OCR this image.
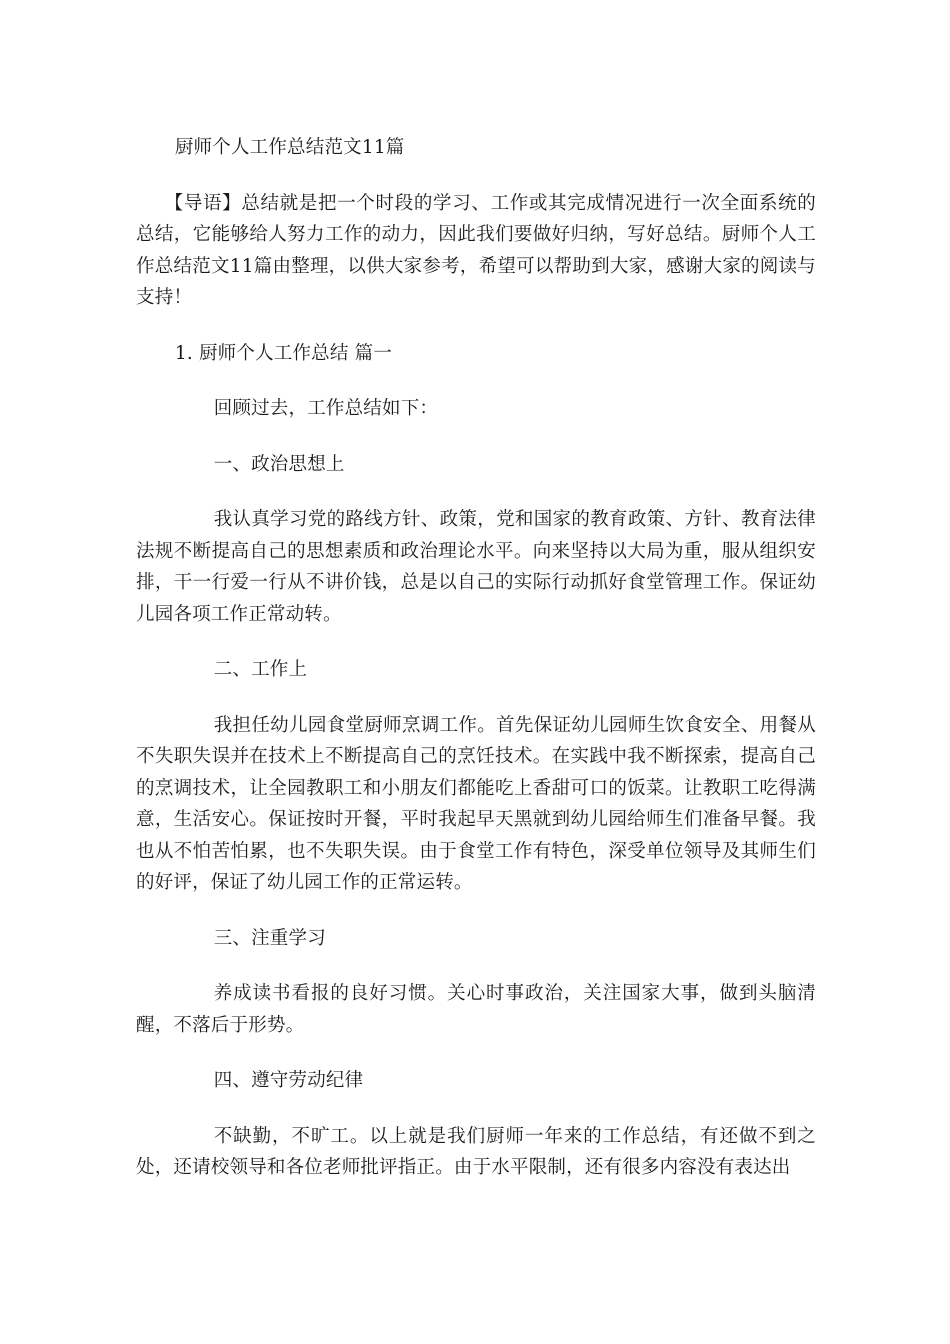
厨师个人工作总结范文11篇

【导语】总结就是把一个时段的学习、工作或其完成情况进行一次全面系统的总结，它能够给人努力工作的动力，因此我们要做好归纳，写好总结。厨师个人工作总结范文11篇由整理，以供大家参考，希望可以帮助到大家，感谢大家的阅读与支持！

1. 厨师个人工作总结 篇一

回顾过去，工作总结如下：

一、政治思想上

我认真学习党的路线方针、政策，党和国家的教育政策、方针、教育法律法规不断提高自己的思想素质和政治理论水平。向来坚持以大局为重，服从组织安排，干一行爱一行从不讲价钱，总是以自己的实际行动抓好食堂管理工作。保证幼儿园各项工作正常动转。

二、工作上

我担任幼儿园食堂厨师烹调工作。首先保证幼儿园师生饮食安全、用餐从不失职失误并在技术上不断提高自己的烹饪技术。在实践中我不断探索，提高自己的烹调技术，让全园教职工和小朋友们都能吃上香甜可口的饭菜。让教职工吃得满意，生活安心。保证按时开餐，平时我起早天黑就到幼儿园给师生们准备早餐。我也从不怕苦怕累，也不失职失误。由于食堂工作有特色，深受单位领导及其师生们的好评，保证了幼儿园工作的正常运转。

三、注重学习

养成读书看报的良好习惯。关心时事政治，关注国家大事，做到头脑清醒，不落后于形势。

四、遵守劳动纪律

不缺勤，不旷工。以上就是我们厨师一年来的工作总结，有还做不到之处，还请校领导和各位老师批评指正。由于水平限制，还有很多内容没有表达出
